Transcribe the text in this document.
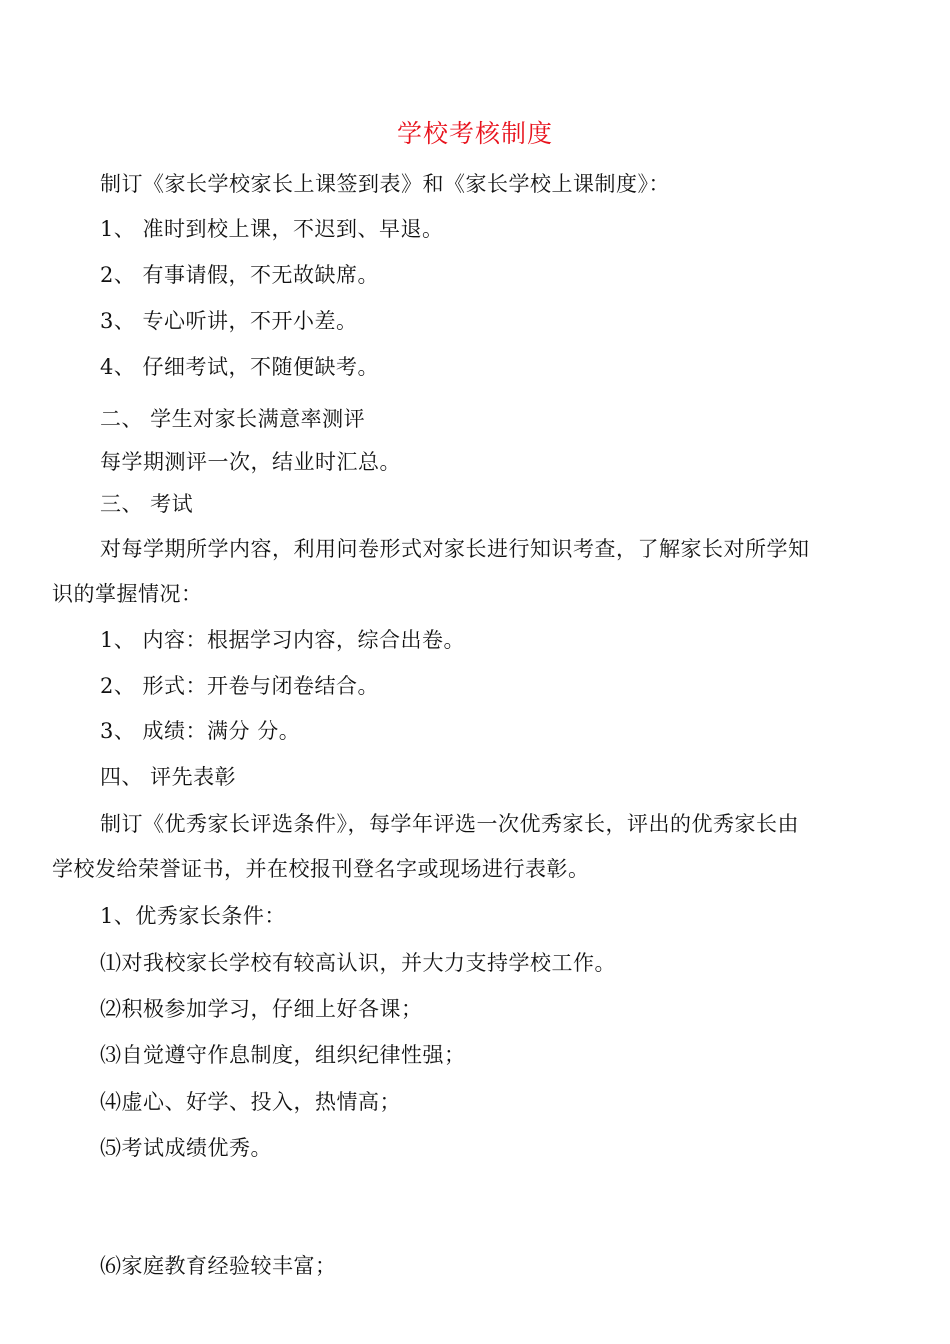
学校考核制度
制订《家长学校家长上课签到表》和《家长学校上课制度》：
1、 准时到校上课，不迟到、早退。
2、 有事请假，不无故缺席。
3、 专心听讲，不开小差。
4、 仔细考试，不随便缺考。
二、 学生对家长满意率测评
每学期测评一次，结业时汇总。
三、 考试
对每学期所学内容，利用问卷形式对家长进行知识考查，了解家长对所学知
识的掌握情况：
1、 内容：根据学习内容，综合出卷。
2、 形式：开卷与闭卷结合。
3、 成绩：满分 分。
四、 评先表彰
制订《优秀家长评选条件》，每学年评选一次优秀家长，评出的优秀家长由
学校发给荣誉证书，并在校报刊登名字或现场进行表彰。
1、优秀家长条件：
⑴对我校家长学校有较高认识，并大力支持学校工作。
⑵积极参加学习，仔细上好各课；
⑶自觉遵守作息制度，组织纪律性强；
⑷虚心、好学、投入，热情高；
⑸考试成绩优秀。
⑹家庭教育经验较丰富；
